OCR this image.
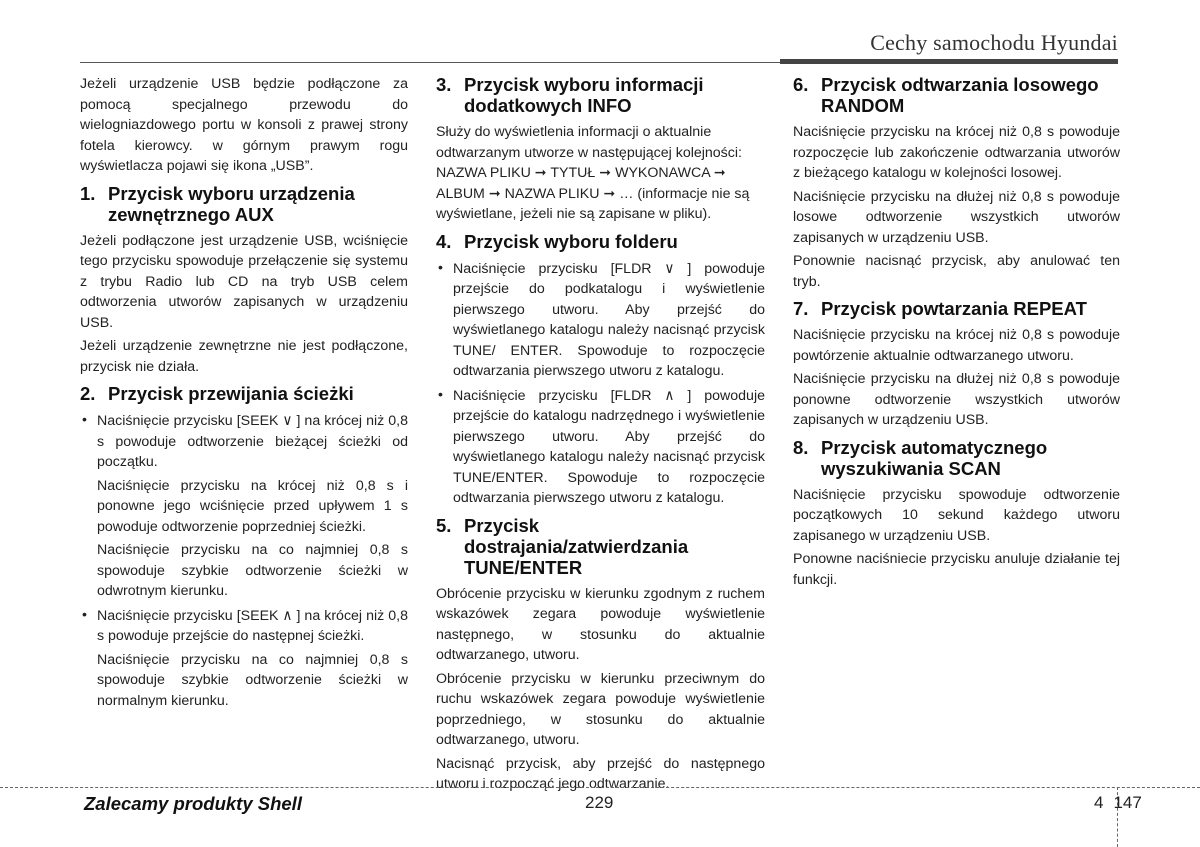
Cechy samochodu Hyundai

Jeżeli urządzenie USB będzie podłączone za pomocą specjalnego przewodu do wielogniazdowego portu w konsoli z prawej strony fotela kierowcy. w górnym prawym rogu wyświetlacza pojawi się ikona „USB”.

1. Przycisk wyboru urządzenia zewnętrznego AUX

Jeżeli podłączone jest urządzenie USB, wciśnięcie tego przycisku spowoduje przełączenie się systemu z trybu Radio lub CD na tryb USB celem odtworzenia utworów zapisanych w urządzeniu USB.

Jeżeli urządzenie zewnętrzne nie jest podłączone, przycisk nie działa.

2. Przycisk przewijania ścieżki

• Naciśnięcie przycisku [SEEK ∨ ] na krócej niż 0,8 s powoduje odtworzenie bieżącej ścieżki od początku.

Naciśnięcie przycisku na krócej niż 0,8 s i ponowne jego wciśnięcie przed upływem 1 s powoduje odtworzenie poprzedniej ścieżki.

Naciśnięcie przycisku na co najmniej 0,8 s spowoduje szybkie odtworzenie ścieżki w odwrotnym kierunku.

• Naciśnięcie przycisku [SEEK ∧ ] na krócej niż 0,8 s powoduje przejście do następnej ścieżki.

Naciśnięcie przycisku na co najmniej 0,8 s spowoduje szybkie odtworzenie ścieżki w normalnym kierunku.

3. Przycisk wyboru informacji dodatkowych INFO

Służy do wyświetlenia informacji o aktualnie odtwarzanym utworze w następującej kolejności: NAZWA PLIKU ➞ TYTUŁ ➞ WYKONAWCA ➞ ALBUM ➞ NAZWA PLIKU ➞ … (informacje nie są wyświetlane, jeżeli nie są zapisane w pliku).

4. Przycisk wyboru folderu

• Naciśnięcie przycisku [FLDR ∨ ] powoduje przejście do podkatalogu i wyświetlenie pierwszego utworu. Aby przejść do wyświetlanego katalogu należy nacisnąć przycisk TUNE/ ENTER. Spowoduje to rozpoczęcie odtwarzania pierwszego utworu z katalogu.

• Naciśnięcie przycisku [FLDR ∧ ] powoduje przejście do katalogu nadrzędnego i wyświetlenie pierwszego utworu. Aby przejść do wyświetlanego katalogu należy nacisnąć przycisk TUNE/ENTER. Spowoduje to rozpoczęcie odtwarzania pierwszego utworu z katalogu.

5. Przycisk dostrajania/zatwierdzania TUNE/ENTER

Obrócenie przycisku w kierunku zgodnym z ruchem wskazówek zegara powoduje wyświetlenie następnego, w stosunku do aktualnie odtwarzanego, utworu.

Obrócenie przycisku w kierunku przeciwnym do ruchu wskazówek zegara powoduje wyświetlenie poprzedniego, w stosunku do aktualnie odtwarzanego, utworu.

Nacisnąć przycisk, aby przejść do następnego utworu i rozpocząć jego odtwarzanie.

6. Przycisk odtwarzania losowego RANDOM

Naciśnięcie przycisku na krócej niż 0,8 s powoduje rozpoczęcie lub zakończenie odtwarzania utworów z bieżącego katalogu w kolejności losowej.

Naciśnięcie przycisku na dłużej niż 0,8 s powoduje losowe odtworzenie wszystkich utworów zapisanych w urządzeniu USB.

Ponownie nacisnąć przycisk, aby anulować ten tryb.

7. Przycisk powtarzania REPEAT

Naciśnięcie przycisku na krócej niż 0,8 s powoduje powtórzenie aktualnie odtwarzanego utworu.

Naciśnięcie przycisku na dłużej niż 0,8 s powoduje ponowne odtworzenie wszystkich utworów zapisanych w urządzeniu USB.

8. Przycisk automatycznego wyszukiwania SCAN

Naciśnięcie przycisku spowoduje odtworzenie początkowych 10 sekund każdego utworu zapisanego w urządzeniu USB.

Ponowne naciśniecie przycisku anuluje działanie tej funkcji.

Zalecamy produkty Shell	229	4 147
